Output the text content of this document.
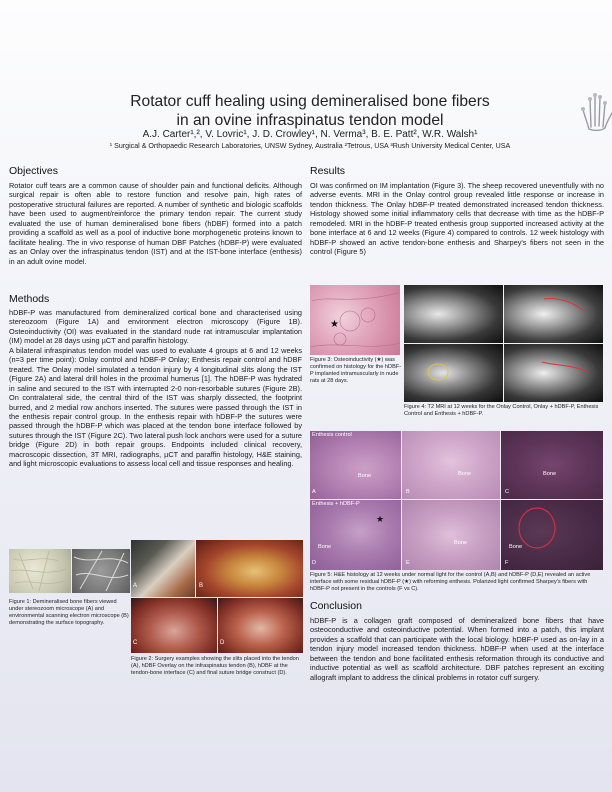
Rotator cuff healing using demineralised bone fibers
in an ovine infraspinatus tendon model
A.J. Carter¹,², V. Lovric¹, J. D. Crowley¹, N. Verma³, B. E. Patt², W.R. Walsh¹
¹ Surgical & Orthopaedic Research Laboratories, UNSW Sydney, Australia ²Tetrous, USA ³Rush University Medical Center, USA
Objectives

Rotator cuff tears are a common cause of shoulder pain and functional deficits. Although surgical repair is often able to restore function and resolve pain, high rates of postoperative structural failures are reported. A number of synthetic and biologic scaffolds have been used to augment/reinforce the primary tendon repair. The current study evaluated the use of human demineralised bone fibers (hDBF) formed into a patch providing a scaffold as well as a pool of inductive bone morphogenetic proteins known to facilitate healing. The in vivo response of human DBF Patches (hDBF-P) were evaluated as an Onlay over the infraspinatus tendon (IST) and at the IST-bone interface (enthesis) in an adult ovine model.

Methods

hDBF-P was manufactured from demineralized cortical bone and characterised using stereozoom (Figure 1A) and environment electron microscopy (Figure 1B). Osteoinductivity (OI) was evaluated in the standard nude rat intramuscular implantation (IM) model at 28 days using µCT and paraffin histology.

A bilateral infraspinatus tendon model was used to evaluate 4 groups at 6 and 12 weeks (n=3 per time point): Onlay control and hDBF-P Onlay; Enthesis repair control and hDBF treated. The Onlay model simulated a tendon injury by 4 longitudinal slits along the IST (Figure 2A) and lateral drill holes in the proximal humerus [1]. The hDBF-P was hydrated in saline and secured to the IST with interrupted 2-0 non-resorbable sutures (Figure 2B). On contralateral side, the central third of the IST was sharply dissected, the footprint burred, and 2 medial row anchors inserted. The sutures were passed through the IST in the enthesis repair control group. In the enthesis repair with hDBF-P the sutures were passed through the hDBF-P which was placed at the tendon bone interface followed by sutures through the IST (Figure 2C). Two lateral push lock anchors were used for a suture bridge (Figure 2D) in both repair groups. Endpoints included clinical recovery, macroscopic dissection, 3T MRI, radiographs, µCT and paraffin histology, H&E staining, and light microscopic evaluations to assess local cell and tissue responses and healing.

Figure 1: Demineralised bone fibers viewed under stereozoom microscope (A) and environmental scanning electron microscope (B) demonstrating the surface topography.

A	B
C	D

Figure 2: Surgery examples showing the slits placed into the tendon (A), hDBF Overlay on the infraspinatus tendon (B), hDBF at the tendon-bone interface (C) and final suture bridge construct (D).

Results

OI was confirmed on IM implantation (Figure 3). The sheep recovered uneventfully with no adverse events. MRI in the Onlay control group revealed little response or increase in tendon thickness. The Onlay hDBF-P treated demonstrated increased tendon thickness. Histology showed some initial inflammatory cells that decrease with time as the hDBF-P remodeled. MRI in the hDBF-P treated enthesis group supported increased activity at the bone interface at 6 and 12 weeks (Figure 4) compared to controls. 12 week histology with hDBF-P showed an active tendon-bone enthesis and Sharpey's fibers not seen in the control (Figure 5)

★

Figure 3: Osteoinductivity (★) was confirmed on histology for the hDBF-P implanted intramuscularly in nude rats at 28 days.

Figure 4: T2 MRI at 12 weeks for the Onlay Control, Onlay + hDBF-P, Enthesis Control and Enthesis + hDBF-P.

Enthesis control
Bone
A
Bone
B
Bone
C
Enthesis + hDBF-P
★
Bone
D
Bone
E
Bone
F

Figure 5: H&E histology at 12 weeks under normal light for the control (A,B) and hDBF-P (D,E) revealed an active interface with some residual hDBF-P (★) with reforming enthesis. Polarized light confirmed Sharpey's fibers with hDBF-P not present in the controls (F vs C).

Conclusion

hDBF-P is a collagen graft composed of demineralized bone fibers that have osteoconductive and osteoinductive potential. When formed into a patch, this implant provides a scaffold that can participate with the local biology. hDBF-P used as on-lay in a tendon injury model increased tendon thickness. hDBF-P when used at the interface between the tendon and bone facilitated enthesis reformation through its conductive and inductive potential as well as scaffold architecture. DBF patches represent an exciting allograft implant to address the clinical problems in rotator cuff surgery.
